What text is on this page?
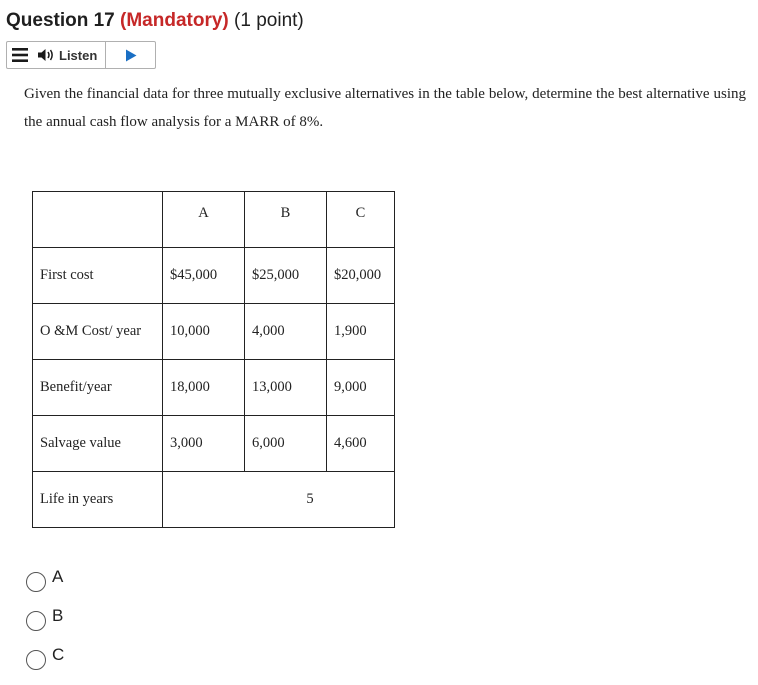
Question 17 (Mandatory) (1 point)
Listen
Given the financial data for three mutually exclusive alternatives in the table below, determine the best alternative using the annual cash flow analysis for a MARR of 8%.
	A	B	C
First cost	$45,000	$25,000	$20,000
O &M Cost/ year	10,000	4,000	1,900
Benefit/year	18,000	13,000	9,000
Salvage value	3,000	6,000	4,600
Life in years	5		
A
B
C
